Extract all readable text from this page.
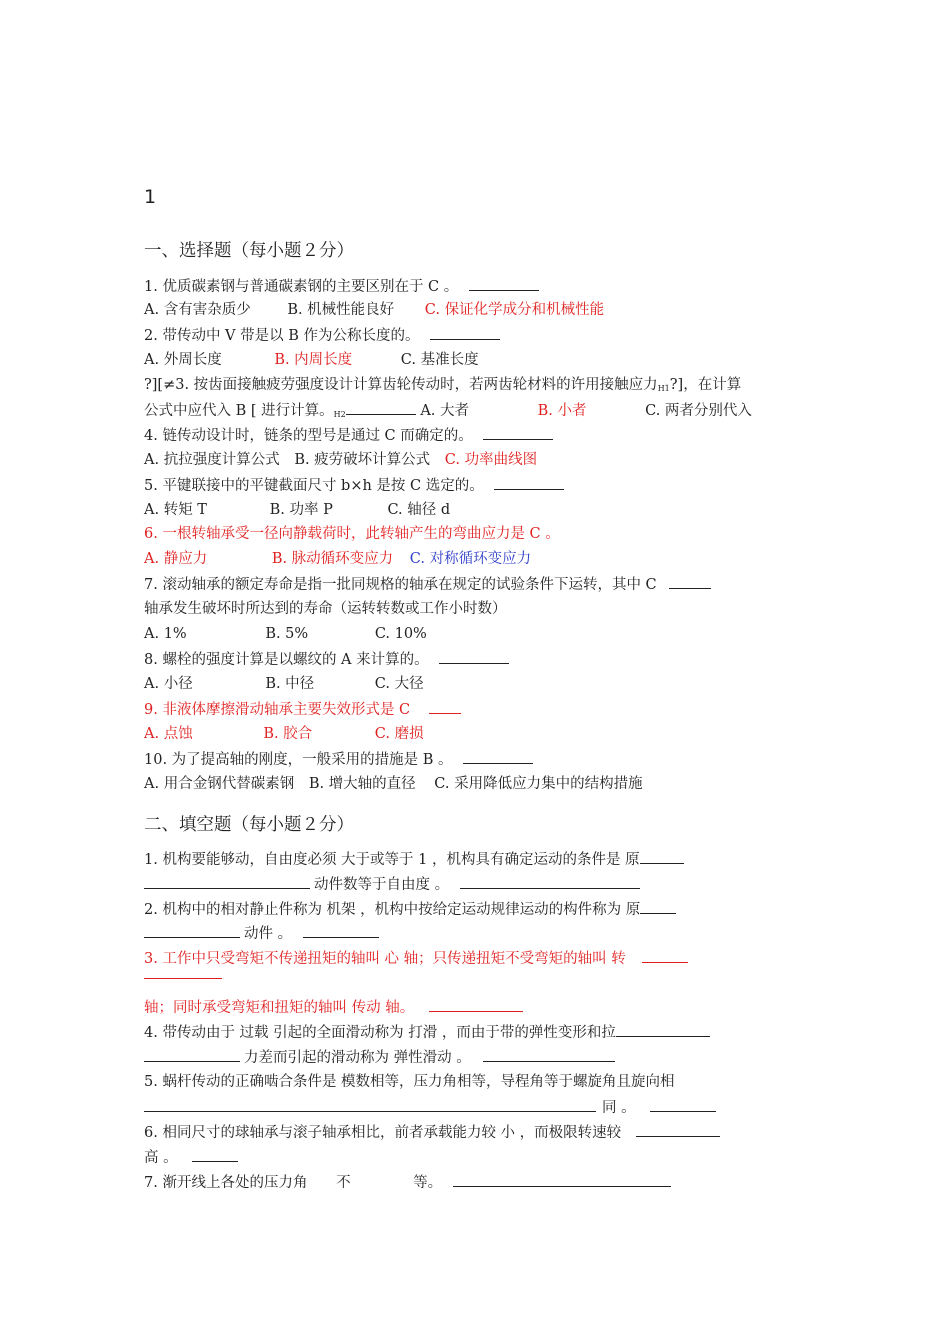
1
一、选择题（每小题２分）
1. 优质碳素钢与普通碳素钢的主要区别在于 C 。
A. 含有害杂质少	B. 机械性能良好 C. 保证化学成分和机械性能
2. 带传动中 V 带是以 B 作为公称长度的。
A. 外周长度	B. 内周长度	C. 基准长度
?][≠3. 按齿面接触疲劳强度设计计算齿轮传动时，若两齿轮材料的许用接触应力$_{H1}$?]，在计算
公式中应代入 B [ 进行计算。$_{H2}$	A. 大者	B. 小者	C. 两者分别代入
4. 链传动设计时，链条的型号是通过 C 而确定的。
A. 抗拉强度计算公式 B. 疲劳破坏计算公式 C. 功率曲线图
5. 平键联接中的平键截面尺寸 b×h 是按 C 选定的。
A. 转矩 T	B. 功率 P	C. 轴径 d
6. 一根转轴承受一径向静载荷时，此转轴产生的弯曲应力是 C 。
A. 静应力	B. 脉动循环变应力 C. 对称循环变应力
7. 滚动轴承的额定寿命是指一批同规格的轴承在规定的试验条件下运转，其中 C
轴承发生破坏时所达到的寿命（运转转数或工作小时数）
A. 1%	B. 5%	C. 10%
8. 螺栓的强度计算是以螺纹的 A 来计算的。
A. 小径	B. 中径	C. 大径
9. 非液体摩擦滑动轴承主要失效形式是 C
A. 点蚀	B. 胶合	C. 磨损
10. 为了提高轴的刚度，一般采用的措施是 B 。
A. 用合金钢代替碳素钢 B. 增大轴的直径 C. 采用降低应力集中的结构措施
二、填空题（每小题２分）
1. 机构要能够动，自由度必须 大于或等于 1 ，机构具有确定运动的条件是 原
动件数等于自由度 。
2. 机构中的相对静止件称为 机架 ，机构中按给定运动规律运动的构件称为 原
动件 。
3. 工作中只受弯矩不传递扭矩的轴叫 心 轴；只传递扭矩不受弯矩的轴叫 转
轴；同时承受弯矩和扭矩的轴叫 传动 轴。
4. 带传动由于 过载 引起的全面滑动称为 打滑 ，而由于带的弹性变形和拉
力差而引起的滑动称为 弹性滑动 。
5. 蜗杆传动的正确啮合条件是 模数相等，压力角相等，导程角等于螺旋角且旋向相
同 。
6. 相同尺寸的球轴承与滚子轴承相比，前者承载能力较 小 ，而极限转速较
高 。
7. 渐开线上各处的压力角 不	等。
